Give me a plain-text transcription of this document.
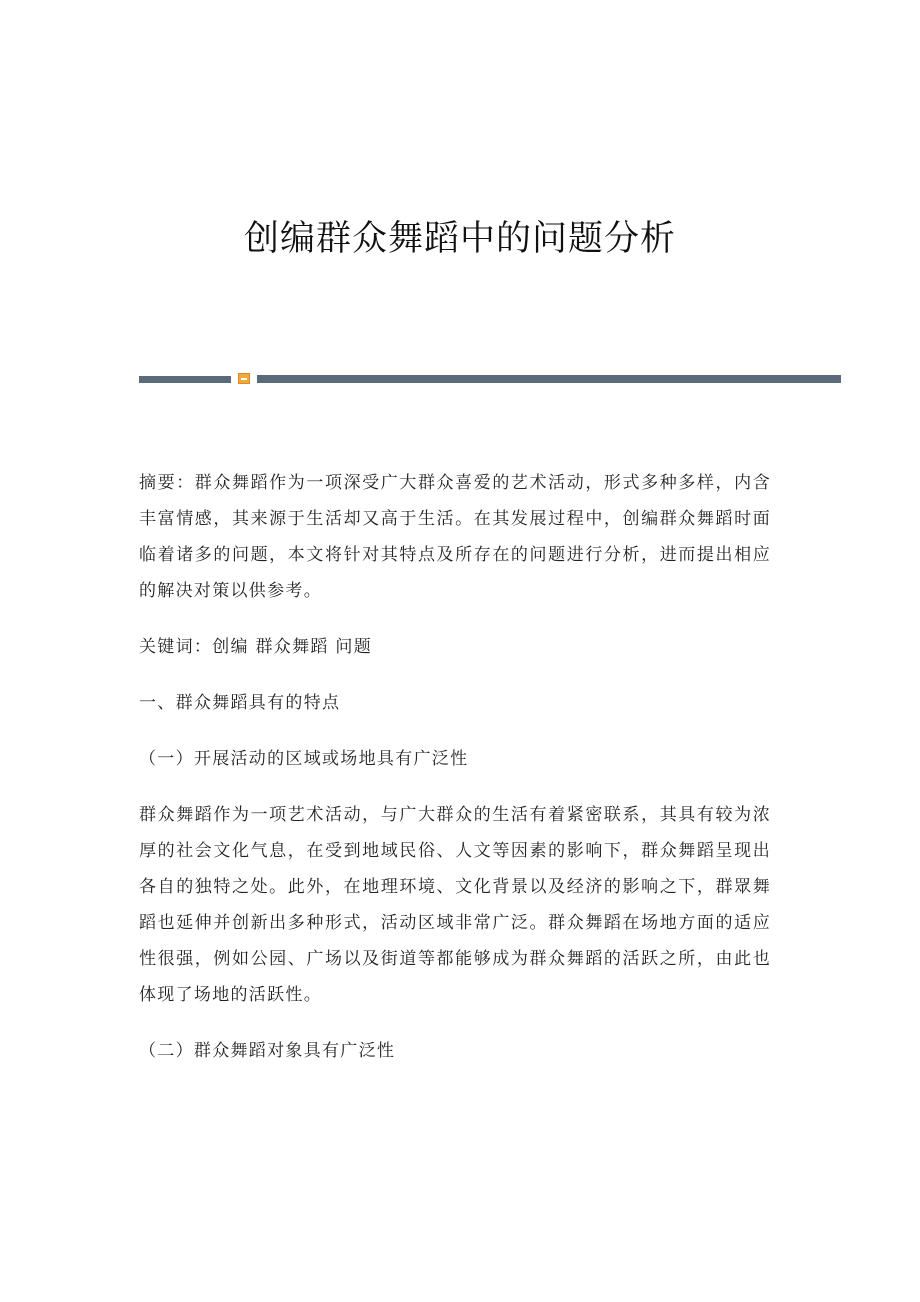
创编群众舞蹈中的问题分析

摘要：群众舞蹈作为一项深受广大群众喜爱的艺术活动，形式多种多样，内含丰富情感，其来源于生活却又高于生活。在其发展过程中，创编群众舞蹈时面临着诸多的问题，本文将针对其特点及所存在的问题进行分析，进而提出相应的解决对策以供参考。

关键词：创编 群众舞蹈 问题

一、群众舞蹈具有的特点

（一）开展活动的区域或场地具有广泛性

群众舞蹈作为一项艺术活动，与广大群众的生活有着紧密联系，其具有较为浓厚的社会文化气息，在受到地域民俗、人文等因素的影响下，群众舞蹈呈现出各自的独特之处。此外，在地理环境、文化背景以及经济的影响之下，群眾舞蹈也延伸并创新出多种形式，活动区域非常广泛。群众舞蹈在场地方面的适应性很强，例如公园、广场以及街道等都能够成为群众舞蹈的活跃之所，由此也体现了场地的活跃性。

（二）群众舞蹈对象具有广泛性
